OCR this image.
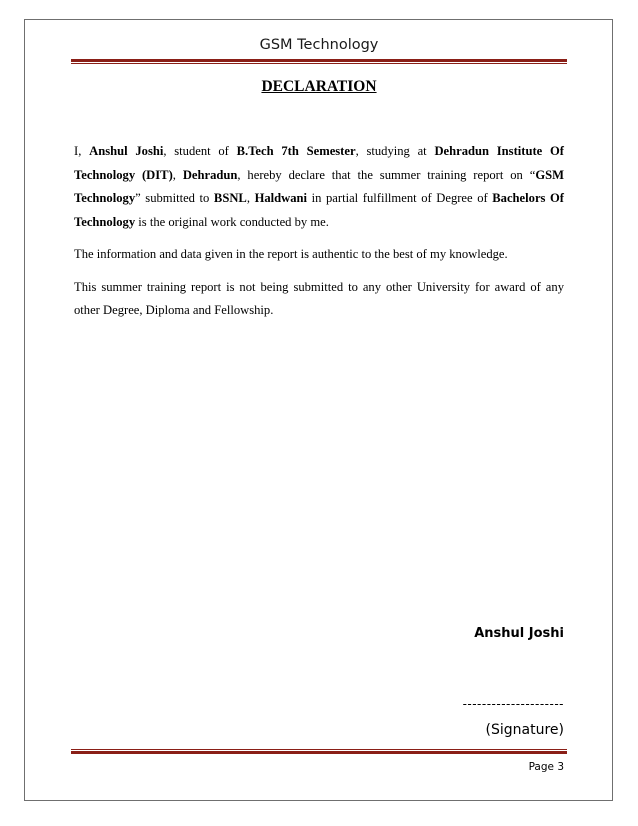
GSM Technology
DECLARATION

I, Anshul Joshi, student of B.Tech 7th Semester, studying at Dehradun Institute Of Technology (DIT), Dehradun, hereby declare that the summer training report on “GSM Technology” submitted to BSNL, Haldwani in partial fulfillment of Degree of Bachelors Of Technology is the original work conducted by me.

The information and data given in the report is authentic to the best of my knowledge.

This summer training report is not being submitted to any other University for award of any other Degree, Diploma and Fellowship.

Anshul Joshi
---------------------
(Signature)
Page 3
